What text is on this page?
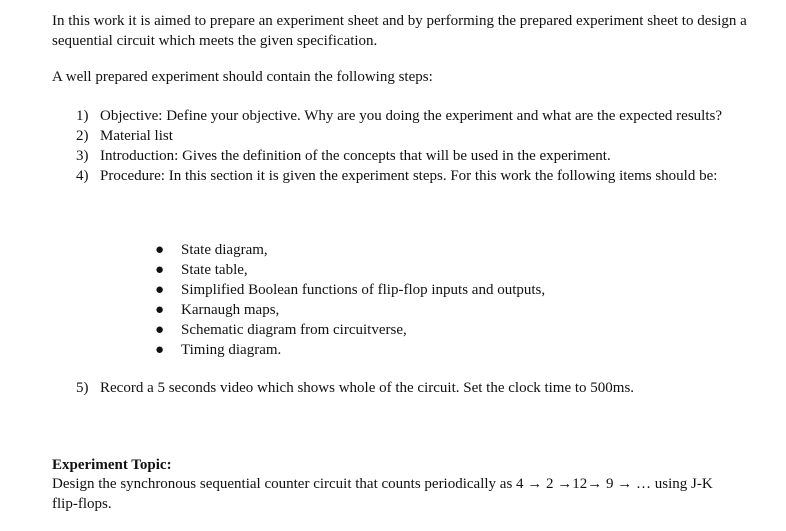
In this work it is aimed to prepare an experiment sheet and by performing the prepared experiment sheet to design a sequential circuit which meets the given specification.
A well prepared experiment should contain the following steps:
1) Objective: Define your objective. Why are you doing the experiment and what are the expected results?
2) Material list
3) Introduction: Gives the definition of the concepts that will be used in the experiment.
4) Procedure: In this section it is given the experiment steps. For this work the following items should be:
●	State diagram,
●	State table,
●	Simplified Boolean functions of flip-flop inputs and outputs,
●	Karnaugh maps,
●	Schematic diagram from circuitverse,
●	Timing diagram.
5) Record a 5 seconds video which shows whole of the circuit. Set the clock time to 500ms.
Experiment Topic:
Design the synchronous sequential counter circuit that counts periodically as 4 → 2 →12→ 9 → … using J-K flip-flops.
